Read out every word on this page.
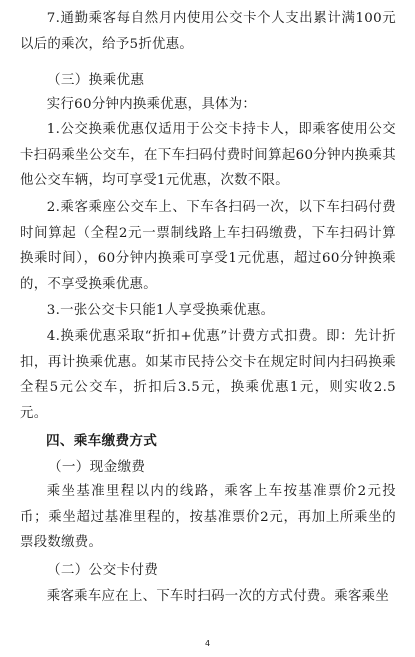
7.通勤乘客每自然月内使用公交卡个人支出累计满100元以后的乘次，给予5折优惠。

（三）换乘优惠

实行60分钟内换乘优惠，具体为：

1.公交换乘优惠仅适用于公交卡持卡人，即乘客使用公交卡扫码乘坐公交车，在下车扫码付费时间算起60分钟内换乘其他公交车辆，均可享受1元优惠，次数不限。

2.乘客乘座公交车上、下车各扫码一次，以下车扫码付费时间算起（全程2元一票制线路上车扫码缴费，下车扫码计算换乘时间），60分钟内换乘可享受1元优惠，超过60分钟换乘的，不享受换乘优惠。

3.一张公交卡只能1人享受换乘优惠。

4.换乘优惠采取“折扣+优惠”计费方式扣费。即：先计折扣，再计换乘优惠。如某市民持公交卡在规定时间内扫码换乘全程5元公交车，折扣后3.5元，换乘优惠1元，则实收2.5元。

四、乘车缴费方式

（一）现金缴费

乘坐基准里程以内的线路，乘客上车按基准票价2元投币；乘坐超过基准里程的，按基准票价2元，再加上所乘坐的票段数缴费。

（二）公交卡付费

乘客乘车应在上、下车时扫码一次的方式付费。乘客乘坐

4
